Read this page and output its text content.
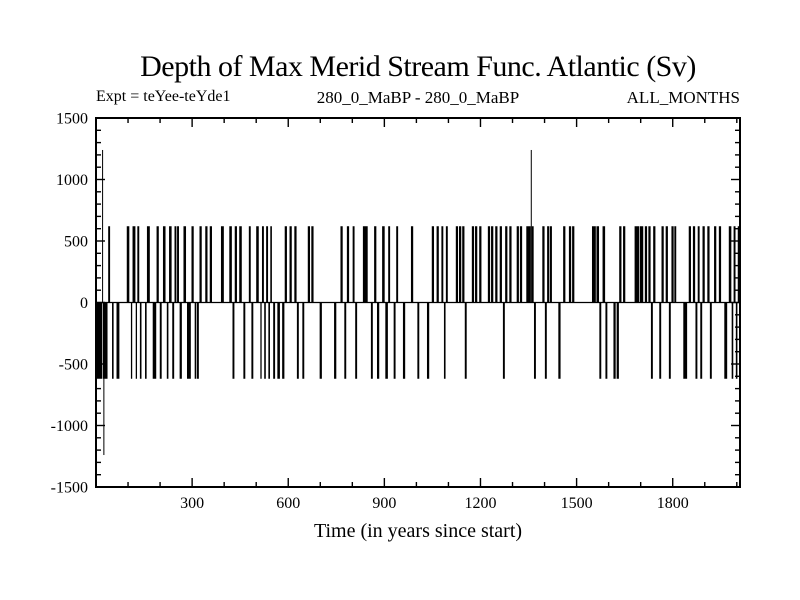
Depth of Max Merid Stream Func. Atlantic (Sv)
Expt = teYee-teYde1	280_0_MaBP - 280_0_MaBP	ALL_MONTHS
300	600	900	1200	1500	1800
-1500
-1000
-500
0
500
1000
1500
Time (in years since start)
